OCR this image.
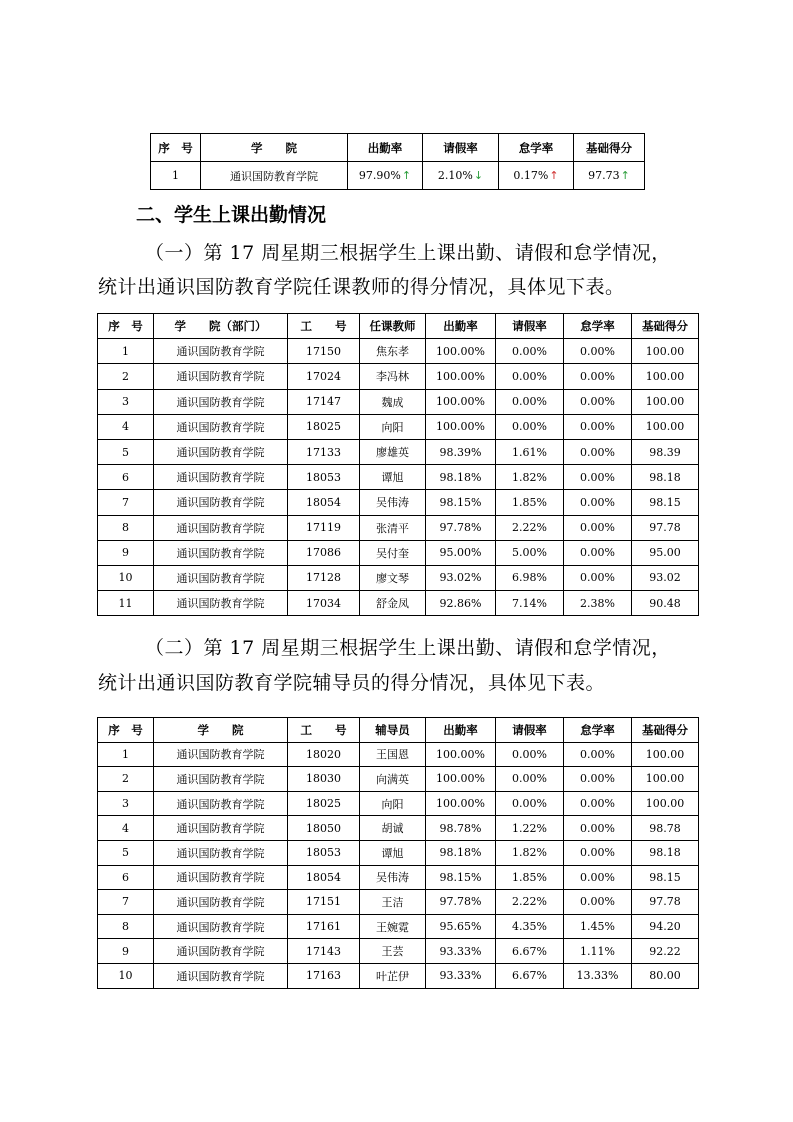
序　号	学　　院	出勤率	请假率	怠学率	基础得分
1	通识国防教育学院	97.90%↑	2.10%↓	0.17%↑	97.73↑
二、学生上课出勤情况
（一）第 17 周星期三根据学生上课出勤、请假和怠学情况，
统计出通识国防教育学院任课教师的得分情况，具体见下表。
序　号	学　　院（部门）	工　　号	任课教师	出勤率	请假率	怠学率	基础得分
1	通识国防教育学院	17150	焦东孝	100.00%	0.00%	0.00%	100.00
2	通识国防教育学院	17024	李冯林	100.00%	0.00%	0.00%	100.00
3	通识国防教育学院	17147	魏成	100.00%	0.00%	0.00%	100.00
4	通识国防教育学院	18025	向阳	100.00%	0.00%	0.00%	100.00
5	通识国防教育学院	17133	廖雄英	98.39%	1.61%	0.00%	98.39
6	通识国防教育学院	18053	谭旭	98.18%	1.82%	0.00%	98.18
7	通识国防教育学院	18054	吴伟涛	98.15%	1.85%	0.00%	98.15
8	通识国防教育学院	17119	张清平	97.78%	2.22%	0.00%	97.78
9	通识国防教育学院	17086	吴付奎	95.00%	5.00%	0.00%	95.00
10	通识国防教育学院	17128	廖文琴	93.02%	6.98%	0.00%	93.02
11	通识国防教育学院	17034	舒金凤	92.86%	7.14%	2.38%	90.48
（二）第 17 周星期三根据学生上课出勤、请假和怠学情况，
统计出通识国防教育学院辅导员的得分情况，具体见下表。
序　号	学　　院	工　　号	辅导员	出勤率	请假率	怠学率	基础得分
1	通识国防教育学院	18020	王国恩	100.00%	0.00%	0.00%	100.00
2	通识国防教育学院	18030	向满英	100.00%	0.00%	0.00%	100.00
3	通识国防教育学院	18025	向阳	100.00%	0.00%	0.00%	100.00
4	通识国防教育学院	18050	胡诚	98.78%	1.22%	0.00%	98.78
5	通识国防教育学院	18053	谭旭	98.18%	1.82%	0.00%	98.18
6	通识国防教育学院	18054	吴伟涛	98.15%	1.85%	0.00%	98.15
7	通识国防教育学院	17151	王洁	97.78%	2.22%	0.00%	97.78
8	通识国防教育学院	17161	王婉霓	95.65%	4.35%	1.45%	94.20
9	通识国防教育学院	17143	王芸	93.33%	6.67%	1.11%	92.22
10	通识国防教育学院	17163	叶芷伊	93.33%	6.67%	13.33%	80.00
